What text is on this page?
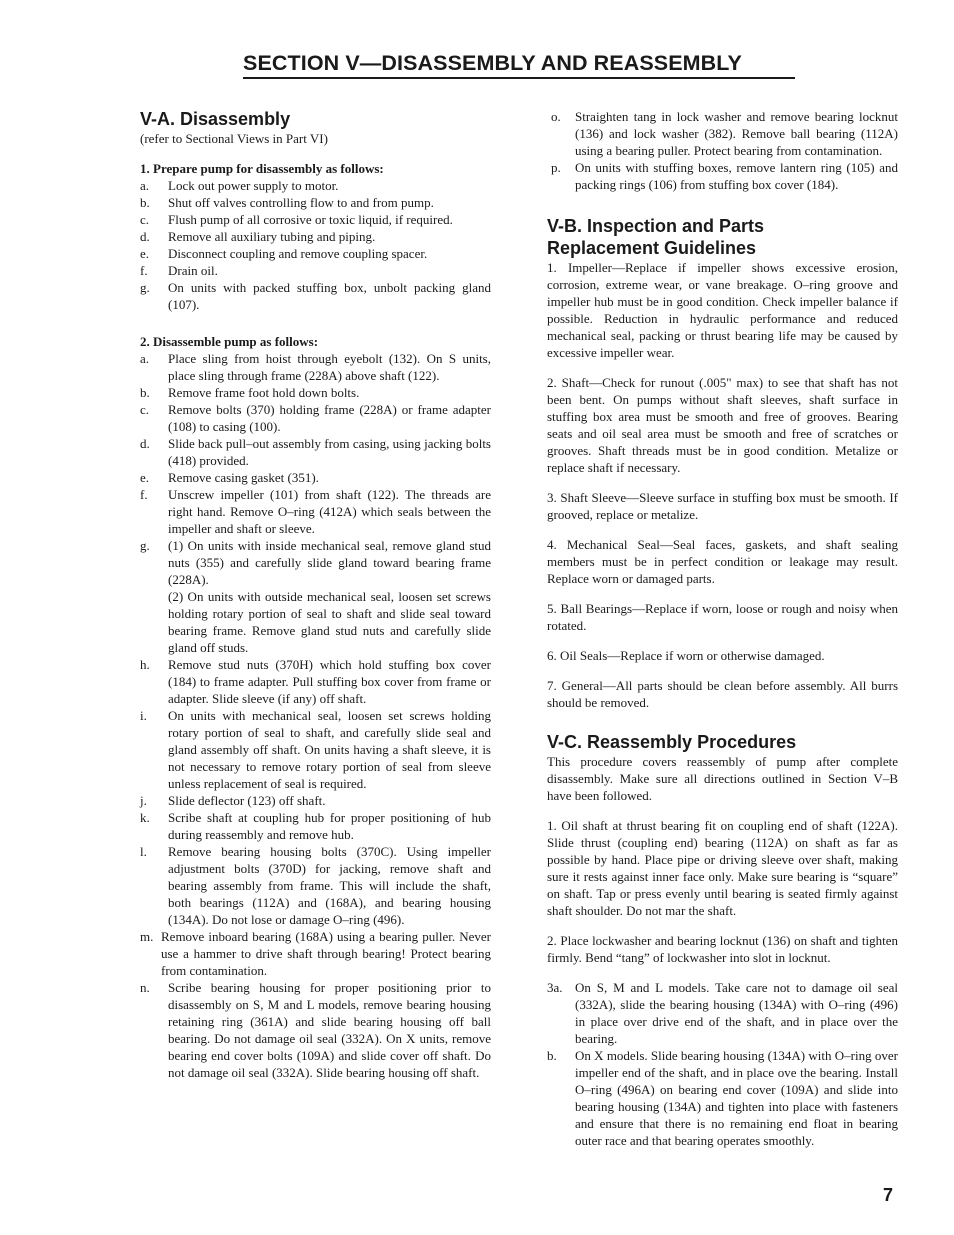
SECTION V—DISASSEMBLY AND REASSEMBLY
V-A. Disassembly

(refer to Sectional Views in Part VI)

1. Prepare pump for disassembly as follows:

a.	Lock out power supply to motor.
b.	Shut off valves controlling flow to and from pump.
c.	Flush pump of all corrosive or toxic liquid, if required.
d.	Remove all auxiliary tubing and piping.
e.	Disconnect coupling and remove coupling spacer.
f.	Drain oil.
g.	On units with packed stuffing box, unbolt packing gland (107).

2. Disassemble pump as follows:

a.	Place sling from hoist through eyebolt (132). On S units, place sling through frame (228A) above shaft (122).
b.	Remove frame foot hold down bolts.
c.	Remove bolts (370) holding frame (228A) or frame adapter (108) to casing (100).
d.	Slide back pull–out assembly from casing, using jacking bolts (418) provided.
e.	Remove casing gasket (351).
f.	Unscrew impeller (101) from shaft (122). The threads are right hand. Remove O–ring (412A) which seals between the impeller and shaft or sleeve.
g.	(1) On units with inside mechanical seal, remove gland stud nuts (355) and carefully slide gland toward bearing frame (228A).
(2) On units with outside mechanical seal, loosen set screws holding rotary portion of seal to shaft and slide seal toward bearing frame. Remove gland stud nuts and carefully slide gland off studs.
h.	Remove stud nuts (370H) which hold stuffing box cover (184) to frame adapter. Pull stuffing box cover from frame or adapter. Slide sleeve (if any) off shaft.
i.	On units with mechanical seal, loosen set screws holding rotary portion of seal to shaft, and carefully slide seal and gland assembly off shaft. On units having a shaft sleeve, it is not necessary to remove rotary portion of seal from sleeve unless replacement of seal is required.
j.	Slide deflector (123) off shaft.
k.	Scribe shaft at coupling hub for proper positioning of hub during reassembly and remove hub.
l.	Remove bearing housing bolts (370C). Using impeller adjustment bolts (370D) for jacking, remove shaft and bearing assembly from frame. This will include the shaft, both bearings (112A) and (168A), and bearing housing (134A). Do not lose or damage O–ring (496).
m. Remove inboard bearing (168A) using a bearing puller. Never use a hammer to drive shaft through bearing! Protect bearing from contamination.
n.	Scribe bearing housing for proper positioning prior to disassembly on S, M and L models, remove bearing housing retaining ring (361A) and slide bearing housing off ball bearing. Do not damage oil seal (332A). On X units, remove bearing end cover bolts (109A) and slide cover off shaft. Do not damage oil seal (332A). Slide bearing housing off shaft.
o.	Straighten tang in lock washer and remove bearing locknut (136) and lock washer (382). Remove ball bearing (112A) using a bearing puller. Protect bearing from contamination.
p.	On units with stuffing boxes, remove lantern ring (105) and packing rings (106) from stuffing box cover (184).
V-B. Inspection and Parts
Replacement Guidelines

1. Impeller—Replace if impeller shows excessive erosion, corrosion, extreme wear, or vane breakage. O–ring groove and impeller hub must be in good condition. Check impeller balance if possible. Reduction in hydraulic performance and reduced mechanical seal, packing or thrust bearing life may be caused by excessive impeller wear.

2. Shaft—Check for runout (.005" max) to see that shaft has not been bent. On pumps without shaft sleeves, shaft surface in stuffing box area must be smooth and free of grooves. Bearing seats and oil seal area must be smooth and free of scratches or grooves. Shaft threads must be in good condition. Metalize or replace shaft if necessary.

3. Shaft Sleeve—Sleeve surface in stuffing box must be smooth. If grooved, replace or metalize.

4. Mechanical Seal—Seal faces, gaskets, and shaft sealing members must be in perfect condition or leakage may result. Replace worn or damaged parts.

5. Ball Bearings—Replace if worn, loose or rough and noisy when rotated.

6. Oil Seals—Replace if worn or otherwise damaged.

7. General—All parts should be clean before assembly. All burrs should be removed.

V-C. Reassembly Procedures

This procedure covers reassembly of pump after complete disassembly. Make sure all directions outlined in Section V–B have been followed.

1. Oil shaft at thrust bearing fit on coupling end of shaft (122A). Slide thrust (coupling end) bearing (112A) on shaft as far as possible by hand. Place pipe or driving sleeve over shaft, making sure it rests against inner face only. Make sure bearing is “square” on shaft. Tap or press evenly until bearing is seated firmly against shaft shoulder. Do not mar the shaft.

2. Place lockwasher and bearing locknut (136) on shaft and tighten firmly. Bend “tang” of lockwasher into slot in locknut.

3a. On S, M and L models. Take care not to damage oil seal (332A), slide the bearing housing (134A) with O–ring (496) in place over drive end of the shaft, and in place over the bearing.
b.	On X models. Slide bearing housing (134A) with O–ring over impeller end of the shaft, and in place ove the bearing. Install O–ring (496A) on bearing end cover (109A) and slide into bearing housing (134A) and tighten into place with fasteners and ensure that there is no remaining end float in bearing outer race and that bearing operates smoothly.
7
